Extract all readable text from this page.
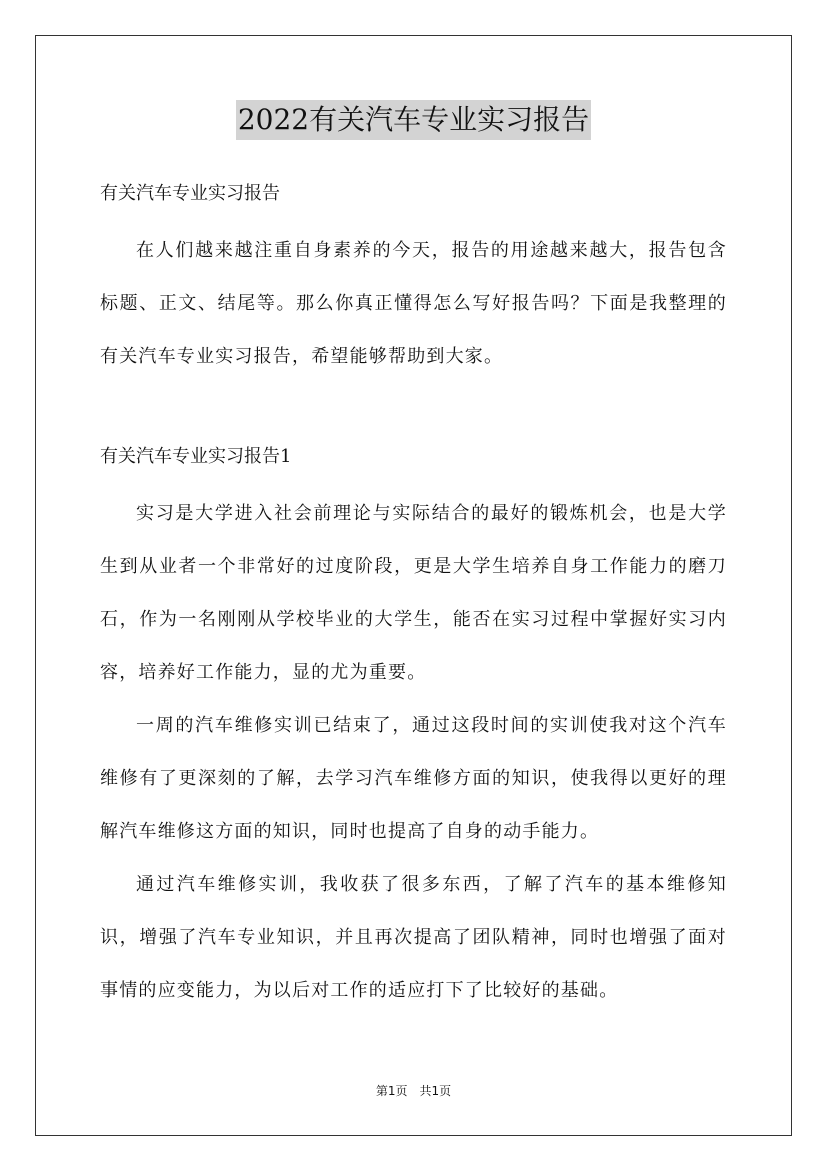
2022有关汽车专业实习报告

有关汽车专业实习报告

在人们越来越注重自身素养的今天，报告的用途越来越大，报告包含标题、正文、结尾等。那么你真正懂得怎么写好报告吗？下面是我整理的有关汽车专业实习报告，希望能够帮助到大家。

有关汽车专业实习报告1

实习是大学进入社会前理论与实际结合的最好的锻炼机会，也是大学生到从业者一个非常好的过度阶段，更是大学生培养自身工作能力的磨刀石，作为一名刚刚从学校毕业的大学生，能否在实习过程中掌握好实习内容，培养好工作能力，显的尤为重要。

一周的汽车维修实训已结束了，通过这段时间的实训使我对这个汽车维修有了更深刻的了解，去学习汽车维修方面的知识，使我得以更好的理解汽车维修这方面的知识，同时也提高了自身的动手能力。

通过汽车维修实训，我收获了很多东西，了解了汽车的基本维修知识，增强了汽车专业知识，并且再次提高了团队精神，同时也增强了面对事情的应变能力，为以后对工作的适应打下了比较好的基础。

第1页　共1页
